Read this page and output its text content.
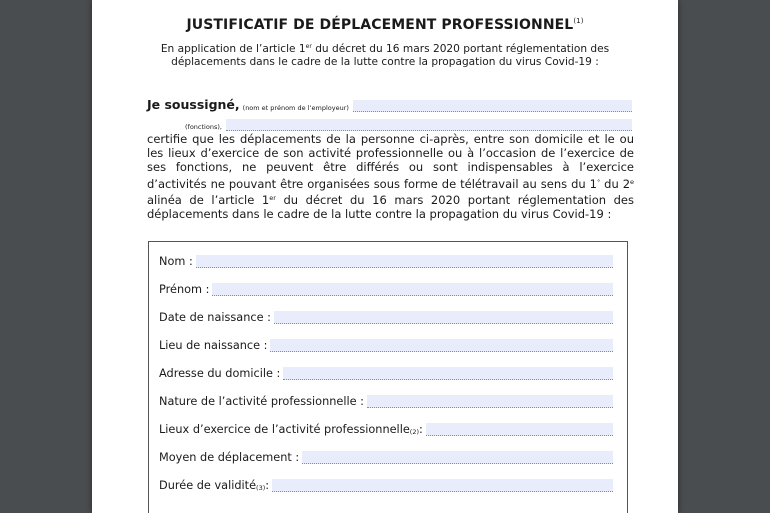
JUSTIFICATIF DE DÉPLACEMENT PROFESSIONNEL$^{(1)}$
En application de l’article 1er du décret du 16 mars 2020 portant réglementation des
déplacements dans le cadre de la lutte contre la propagation du virus Covid-19 :
Je soussigné, (nom et prénom de l’employeur)
(fonctions),
certifie que les déplacements de la personne ci-après, entre son domicile et le ou les lieux d’exercice de son activité professionnelle ou à l’occasion de l’exercice de ses fonctions, ne peuvent être différés ou sont indispensables à l’exercice d’activités ne pouvant être organisées sous forme de télétravail au sens du 1° du 2e alinéa de l’article 1er du décret du 16 mars 2020 portant réglementation des déplacements dans le cadre de la lutte contre la propagation du virus Covid-19 :
Nom :
Prénom :
Date de naissance :
Lieu de naissance :
Adresse du domicile :
Nature de l’activité professionnelle :
Lieux d’exercice de l’activité professionnelle$_{(2)}$ :
Moyen de déplacement :
Durée de validité$_{(3)}$ :
